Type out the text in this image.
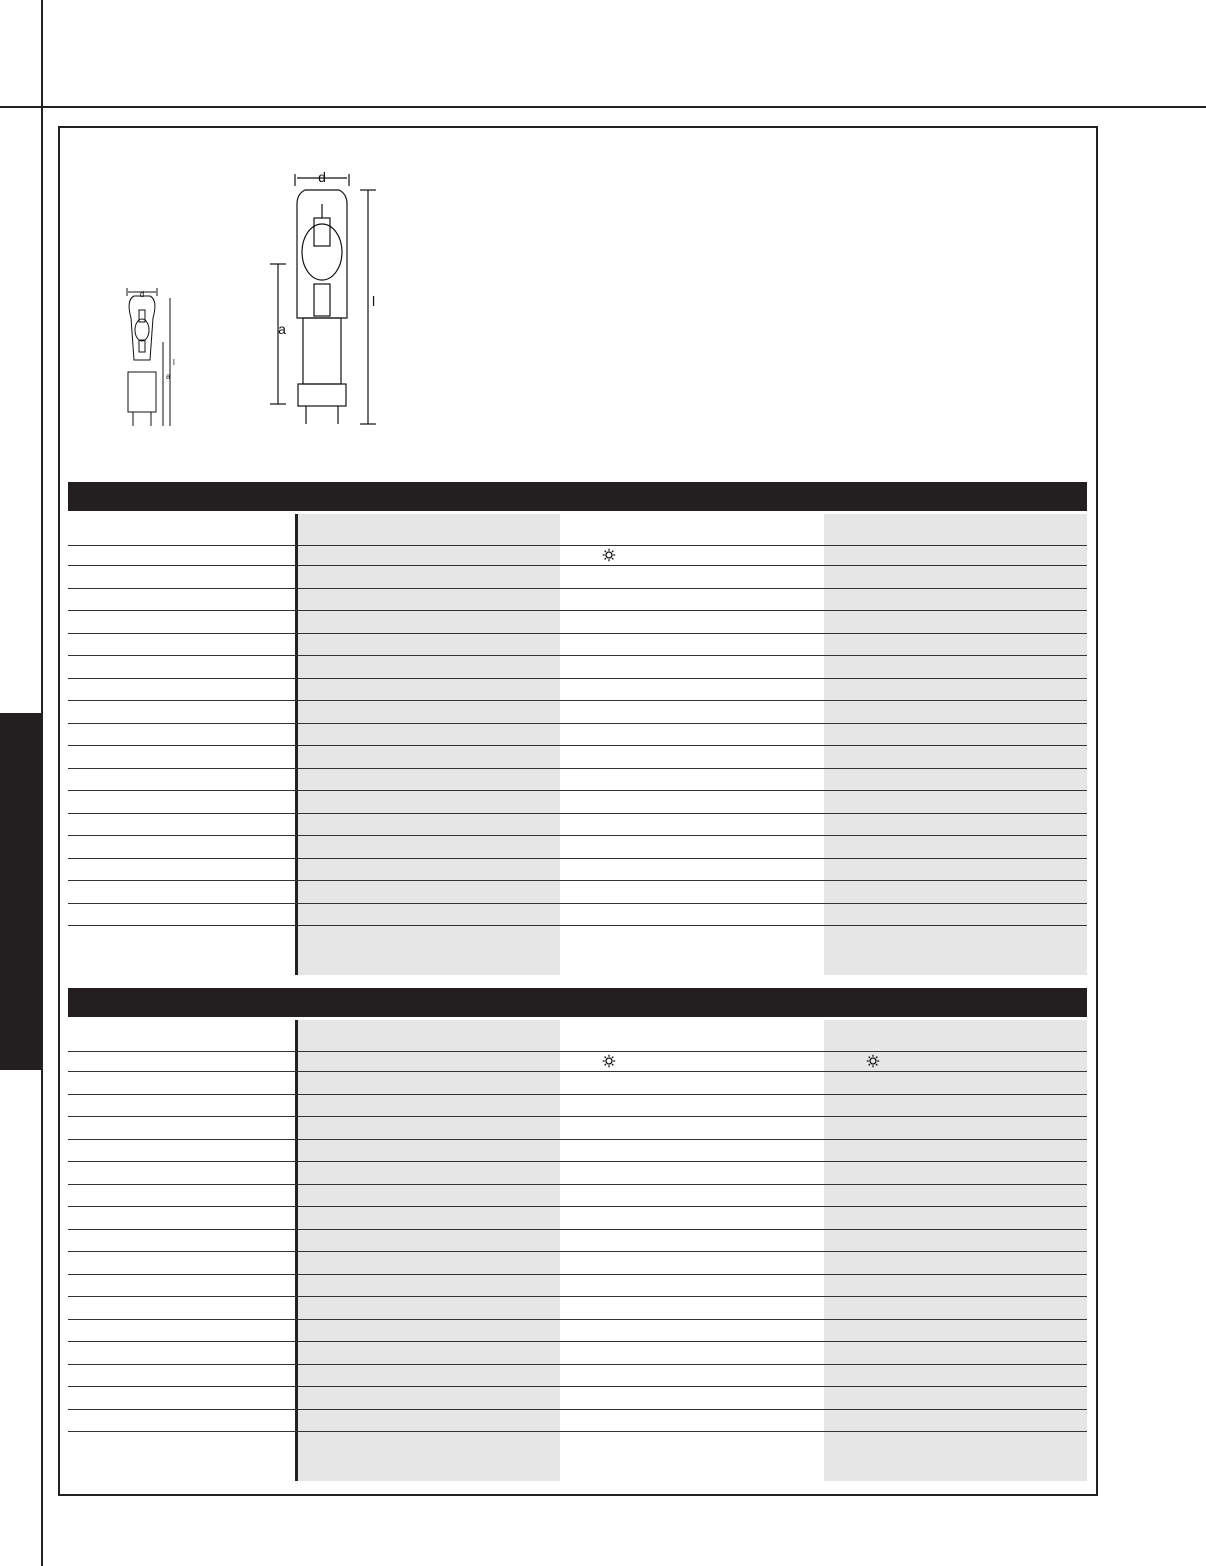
d
l
a
d
l
a
